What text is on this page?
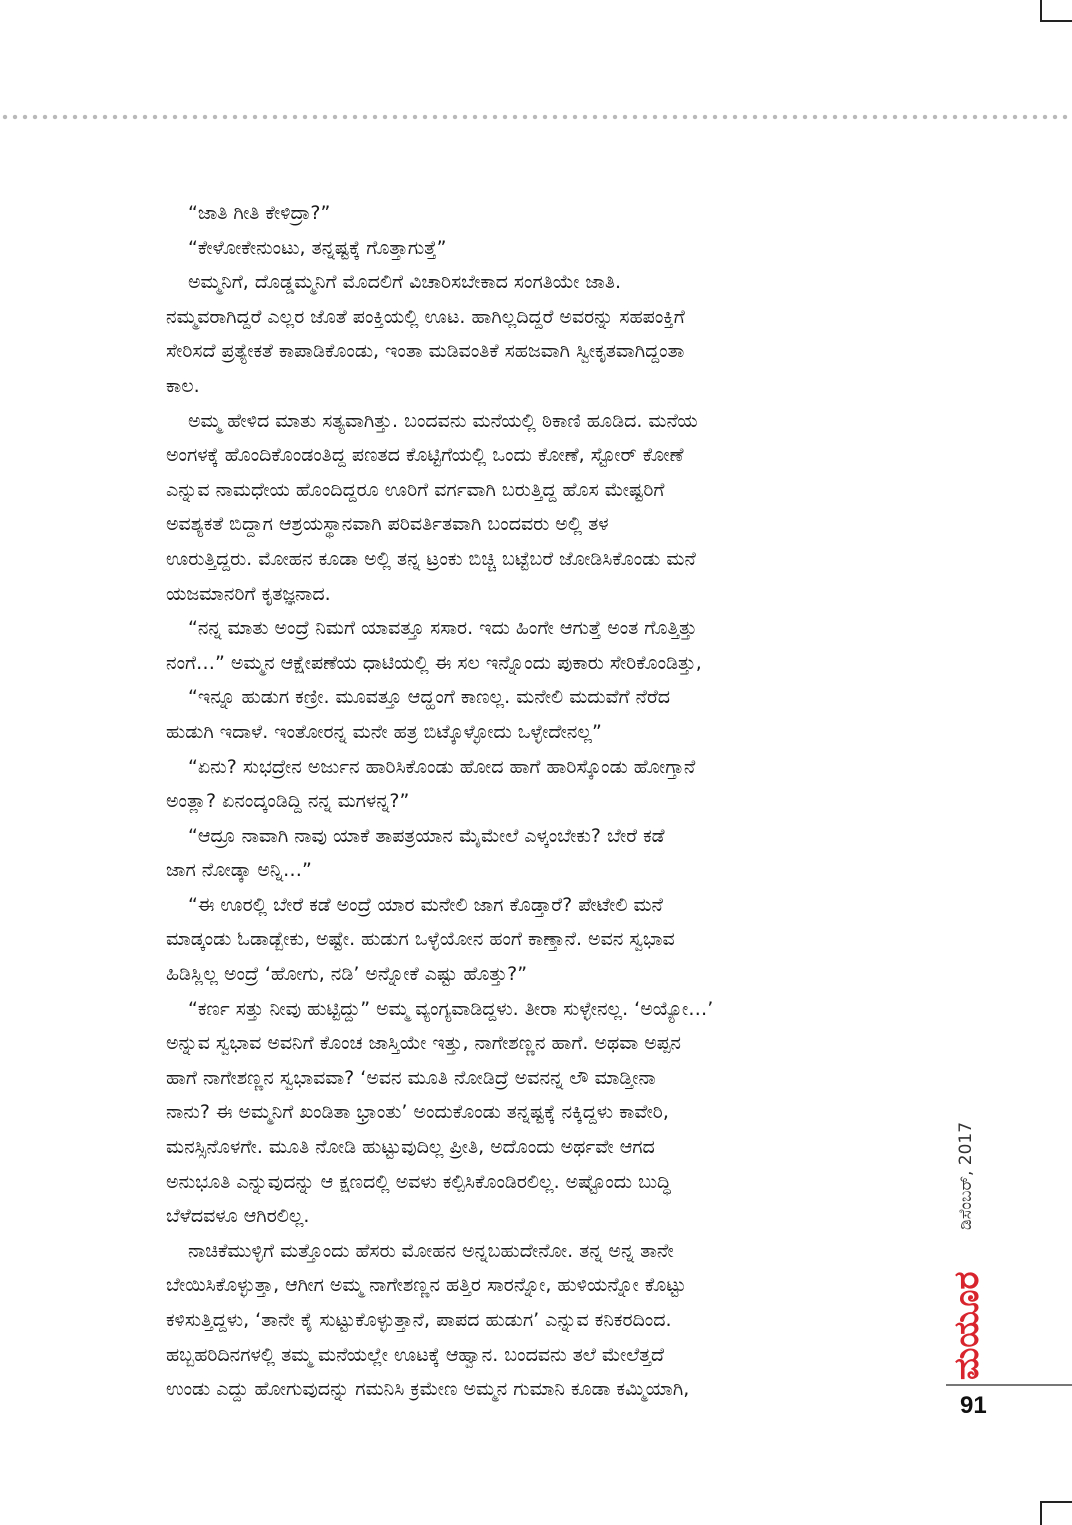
“ಜಾತಿ ಗೀತಿ ಕೇಳಿದ್ರಾ?”
“ಕೇಳೋಕೇನುಂಟು, ತನ್ನಷ್ಟಕ್ಕೆ ಗೊತ್ತಾಗುತ್ತೆ”
ಅಮ್ಮನಿಗೆ, ದೊಡ್ಡಮ್ಮನಿಗೆ ಮೊದಲಿಗೆ ವಿಚಾರಿಸಬೇಕಾದ ಸಂಗತಿಯೇ ಜಾತಿ.
ನಮ್ಮವರಾಗಿದ್ದರೆ ಎಲ್ಲರ ಜೊತೆ ಪಂಕ್ತಿಯಲ್ಲಿ ಊಟ. ಹಾಗಿಲ್ಲದಿದ್ದರೆ ಅವರನ್ನು ಸಹಪಂಕ್ತಿಗೆ
ಸೇರಿಸದೆ ಪ್ರತ್ಯೇಕತೆ ಕಾಪಾಡಿಕೊಂಡು, ಇಂತಾ ಮಡಿವಂತಿಕೆ ಸಹಜವಾಗಿ ಸ್ವೀಕೃತವಾಗಿದ್ದಂತಾ
ಕಾಲ.
ಅಮ್ಮ ಹೇಳಿದ ಮಾತು ಸತ್ಯವಾಗಿತ್ತು. ಬಂದವನು ಮನೆಯಲ್ಲಿ ಠಿಕಾಣಿ ಹೂಡಿದ. ಮನೆಯ
ಅಂಗಳಕ್ಕೆ ಹೊಂದಿಕೊಂಡಂತಿದ್ದ ಪಣತದ ಕೊಟ್ಟಿಗೆಯಲ್ಲಿ ಒಂದು ಕೋಣೆ, ಸ್ಟೋರ್ ಕೋಣೆ
ಎನ್ನುವ ನಾಮಧೇಯ ಹೊಂದಿದ್ದರೂ ಊರಿಗೆ ವರ್ಗವಾಗಿ ಬರುತ್ತಿದ್ದ ಹೊಸ ಮೇಷ್ಟರಿಗೆ
ಅವಶ್ಯಕತೆ ಬಿದ್ದಾಗ ಆಶ್ರಯಸ್ಥಾನವಾಗಿ ಪರಿವರ್ತಿತವಾಗಿ ಬಂದವರು ಅಲ್ಲಿ ತಳ
ಊರುತ್ತಿದ್ದರು. ಮೋಹನ ಕೂಡಾ ಅಲ್ಲಿ ತನ್ನ ಟ್ರಂಕು ಬಿಚ್ಚಿ ಬಟ್ಟೆಬರೆ ಜೋಡಿಸಿಕೊಂಡು ಮನೆ
ಯಜಮಾನರಿಗೆ ಕೃತಜ್ಞನಾದ.
“ನನ್ನ ಮಾತು ಅಂದ್ರೆ ನಿಮಗೆ ಯಾವತ್ತೂ ಸಸಾರ. ಇದು ಹಿಂಗೇ ಆಗುತ್ತೆ ಅಂತ ಗೊತ್ತಿತ್ತು
ನಂಗೆ…” ಅಮ್ಮನ ಆಕ್ಷೇಪಣೆಯ ಧಾಟಿಯಲ್ಲಿ ಈ ಸಲ ಇನ್ನೊಂದು ಪುಕಾರು ಸೇರಿಕೊಂಡಿತ್ತು,
“ಇನ್ನೂ ಹುಡುಗ ಕಣ್ರೀ. ಮೂವತ್ತೂ ಆದ್ಹಂಗೆ ಕಾಣಲ್ಲ. ಮನೇಲಿ ಮದುವೆಗೆ ನೆರೆದ
ಹುಡುಗಿ ಇದಾಳೆ. ಇಂತೋರನ್ನ ಮನೇ ಹತ್ರ ಬಿಟ್ಕೊಳ್ಳೋದು ಒಳ್ಳೇದೇನಲ್ಲ”
“ಏನು? ಸುಭದ್ರೇನ ಅರ್ಜುನ ಹಾರಿಸಿಕೊಂಡು ಹೋದ ಹಾಗೆ ಹಾರಿಸ್ಕೊಂಡು ಹೋಗ್ತಾನೆ
ಅಂತ್ಲಾ? ಏನಂದ್ಕಂಡಿದ್ದಿ ನನ್ನ ಮಗಳನ್ನ?”
“ಆದ್ರೂ ನಾವಾಗಿ ನಾವು ಯಾಕೆ ತಾಪತ್ರಯಾನ ಮೈಮೇಲೆ ಎಳ್ಕಂಬೇಕು? ಬೇರೆ ಕಡೆ
ಜಾಗ ನೋಡ್ಕಾ ಅನ್ನಿ…”
“ಈ ಊರಲ್ಲಿ ಬೇರೆ ಕಡೆ ಅಂದ್ರೆ ಯಾರ ಮನೇಲಿ ಜಾಗ ಕೊಡ್ತಾರೆ? ಪೇಟೇಲಿ ಮನೆ
ಮಾಡ್ಕಂಡು ಓಡಾಡ್ಬೇಕು, ಅಷ್ಟೇ. ಹುಡುಗ ಒಳ್ಳೆಯೋನ ಹಂಗೆ ಕಾಣ್ತಾನೆ. ಅವನ ಸ್ವಭಾವ
ಹಿಡಿಸ್ಲಿಲ್ಲ ಅಂದ್ರೆ ‘ಹೋಗು, ನಡಿ’ ಅನ್ನೋಕೆ ಎಷ್ಟು ಹೊತ್ತು?”
“ಕರ್ಣ ಸತ್ತು ನೀವು ಹುಟ್ಟಿದ್ದು” ಅಮ್ಮ ವ್ಯಂಗ್ಯವಾಡಿದ್ದಳು. ತೀರಾ ಸುಳ್ಳೇನಲ್ಲ. ‘ಅಯ್ಯೋ…’
ಅನ್ನುವ ಸ್ವಭಾವ ಅವನಿಗೆ ಕೊಂಚ ಜಾಸ್ತಿಯೇ ಇತ್ತು, ನಾಗೇಶಣ್ಣನ ಹಾಗೆ. ಅಥವಾ ಅಪ್ಪನ
ಹಾಗೆ ನಾಗೇಶಣ್ಣನ ಸ್ವಭಾವವಾ? ‘ಅವನ ಮೂತಿ ನೋಡಿದ್ರೆ ಅವನನ್ನ ಲೌ ಮಾಡ್ತೀನಾ
ನಾನು? ಈ ಅಮ್ಮನಿಗೆ ಖಂಡಿತಾ ಭ್ರಾಂತು’ ಅಂದುಕೊಂಡು ತನ್ನಷ್ಟಕ್ಕೆ ನಕ್ಕಿದ್ದಳು ಕಾವೇರಿ,
ಮನಸ್ಸಿನೊಳಗೇ. ಮೂತಿ ನೋಡಿ ಹುಟ್ಟುವುದಿಲ್ಲ ಪ್ರೀತಿ, ಅದೊಂದು ಅರ್ಥವೇ ಆಗದ
ಅನುಭೂತಿ ಎನ್ನುವುದನ್ನು ಆ ಕ್ಷಣದಲ್ಲಿ ಅವಳು ಕಲ್ಪಿಸಿಕೊಂಡಿರಲಿಲ್ಲ. ಅಷ್ಟೊಂದು ಬುದ್ಧಿ
ಬೆಳೆದವಳೂ ಆಗಿರಲಿಲ್ಲ.
ನಾಚಿಕೆಮುಳ್ಳಿಗೆ ಮತ್ತೊಂದು ಹೆಸರು ಮೋಹನ ಅನ್ನಬಹುದೇನೋ. ತನ್ನ ಅನ್ನ ತಾನೇ
ಬೇಯಿಸಿಕೊಳ್ಳುತ್ತಾ, ಆಗೀಗ ಅಮ್ಮ ನಾಗೇಶಣ್ಣನ ಹತ್ತಿರ ಸಾರನ್ನೋ, ಹುಳಿಯನ್ನೋ ಕೊಟ್ಟು
ಕಳಿಸುತ್ತಿದ್ದಳು, ‘ತಾನೇ ಕೈ ಸುಟ್ಟುಕೊಳ್ಳುತ್ತಾನೆ, ಪಾಪದ ಹುಡುಗ’ ಎನ್ನುವ ಕನಿಕರದಿಂದ.
ಹಬ್ಬಹರಿದಿನಗಳಲ್ಲಿ ತಮ್ಮ ಮನೆಯಲ್ಲೇ ಊಟಕ್ಕೆ ಆಹ್ವಾನ. ಬಂದವನು ತಲೆ ಮೇಲೆತ್ತದೆ
ಉಂಡು ಎದ್ದು ಹೋಗುವುದನ್ನು ಗಮನಿಸಿ ಕ್ರಮೇಣ ಅಮ್ಮನ ಗುಮಾನಿ ಕೂಡಾ ಕಮ್ಮಿಯಾಗಿ,
ಡಿಸೆಂಬರ್, 2017
ಮಯೂರ
91
